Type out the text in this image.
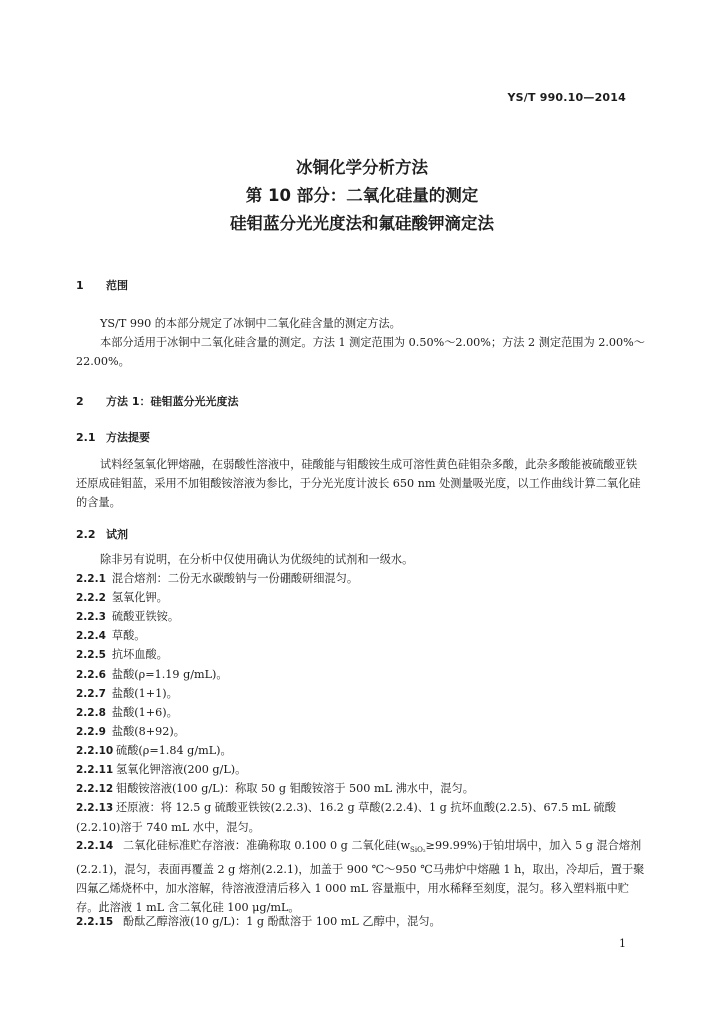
YS/T 990.10—2014
冰铜化学分析方法
第 10 部分：二氧化硅量的测定
硅钼蓝分光光度法和氟硅酸钾滴定法
1 范围
YS/T 990 的本部分规定了冰铜中二氧化硅含量的测定方法。
本部分适用于冰铜中二氧化硅含量的测定。方法 1 测定范围为 0.50%～2.00%；方法 2 测定范围为 2.00%～22.00%。
2 方法 1：硅钼蓝分光光度法
2.1 方法提要
试料经氢氧化钾熔融，在弱酸性溶液中，硅酸能与钼酸铵生成可溶性黄色硅钼杂多酸，此杂多酸能被硫酸亚铁还原成硅钼蓝，采用不加钼酸铵溶液为参比，于分光光度计波长 650 nm 处测量吸光度，以工作曲线计算二氧化硅的含量。
2.2 试剂
除非另有说明，在分析中仅使用确认为优级纯的试剂和一级水。
2.2.1 混合熔剂：二份无水碳酸钠与一份硼酸研细混匀。
2.2.2 氢氧化钾。
2.2.3 硫酸亚铁铵。
2.2.4 草酸。
2.2.5 抗坏血酸。
2.2.6 盐酸(ρ=1.19 g/mL)。
2.2.7 盐酸(1+1)。
2.2.8 盐酸(1+6)。
2.2.9 盐酸(8+92)。
2.2.10 硫酸(ρ=1.84 g/mL)。
2.2.11 氢氧化钾溶液(200 g/L)。
2.2.12 钼酸铵溶液(100 g/L)：称取 50 g 钼酸铵溶于 500 mL 沸水中，混匀。
2.2.13 还原液：将 12.5 g 硫酸亚铁铵(2.2.3)、16.2 g 草酸(2.2.4)、1 g 抗坏血酸(2.2.5)、67.5 mL 硫酸(2.2.10)溶于 740 mL 水中，混匀。
2.2.14 二氧化硅标准贮存溶液：准确称取 0.100 0 g 二氧化硅$(w_{SiO_2}\ge 99.99\%)$于铂坩埚中，加入 5 g 混合熔剂(2.2.1)，混匀，表面再覆盖 2 g 熔剂(2.2.1)，加盖于 900 ℃～950 ℃马弗炉中熔融 1 h，取出，冷却后，置于聚四氟乙烯烧杯中，加水溶解，待溶液澄清后移入 1 000 mL 容量瓶中，用水稀释至刻度，混匀。移入塑料瓶中贮存。此溶液 1 mL 含二氧化硅 100 μg/mL。
2.2.15 酚酞乙醇溶液(10 g/L)：1 g 酚酞溶于 100 mL 乙醇中，混匀。
1
